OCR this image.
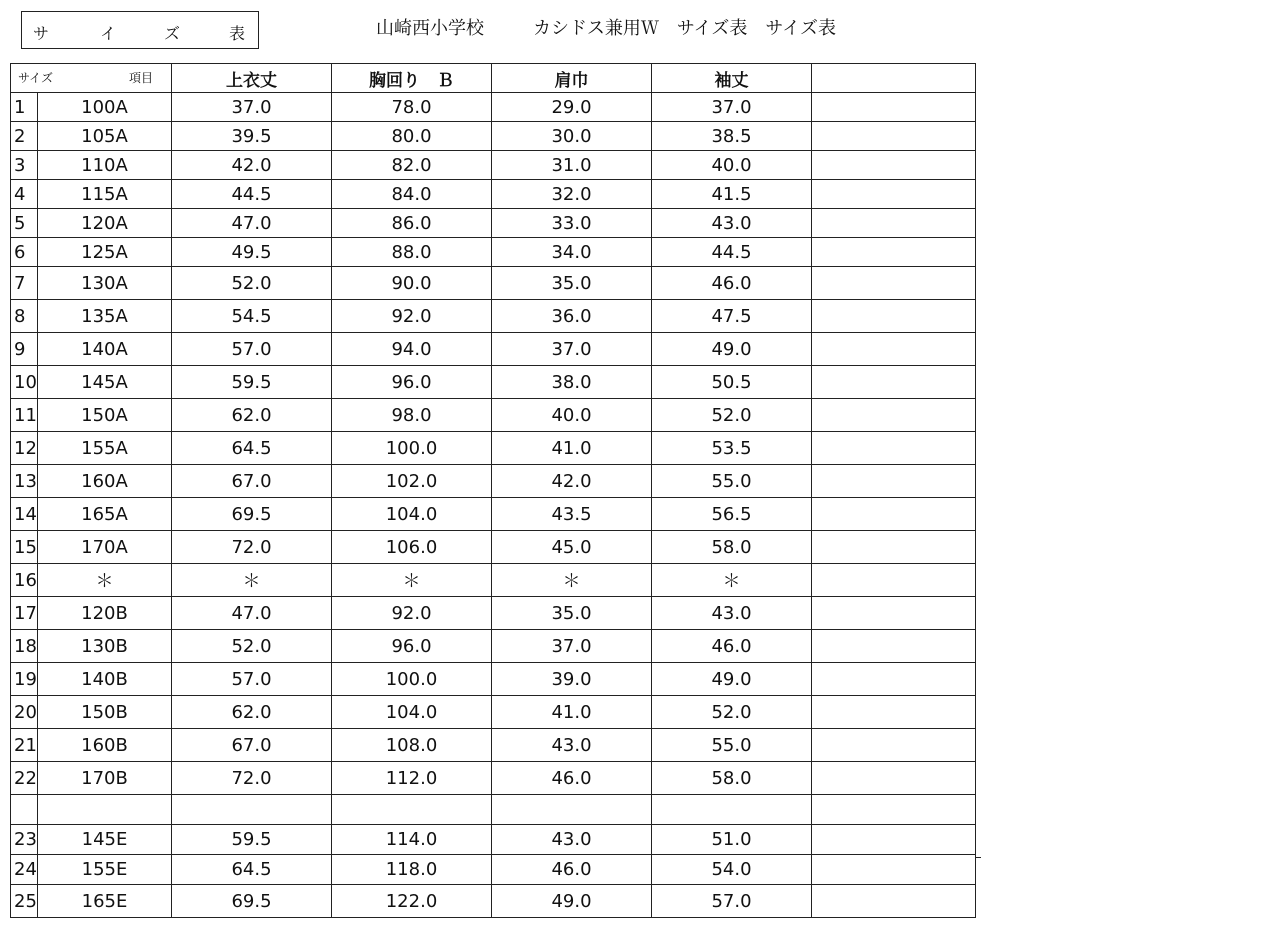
サ	イ	ズ	表	山崎西小学校	カシドス兼用Ｗ　サイズ表　サイズ表
サイズ 項目		上衣丈	胸回り　Ｂ	肩巾	袖丈	
1	100A	37.0	78.0	29.0	37.0	
2	105A	39.5	80.0	30.0	38.5	
3	110A	42.0	82.0	31.0	40.0	
4	115A	44.5	84.0	32.0	41.5	
5	120A	47.0	86.0	33.0	43.0	
6	125A	49.5	88.0	34.0	44.5	
7	130A	52.0	90.0	35.0	46.0	
8	135A	54.5	92.0	36.0	47.5	
9	140A	57.0	94.0	37.0	49.0	
10	145A	59.5	96.0	38.0	50.5	
11	150A	62.0	98.0	40.0	52.0	
12	155A	64.5	100.0	41.0	53.5	
13	160A	67.0	102.0	42.0	55.0	
14	165A	69.5	104.0	43.5	56.5	
15	170A	72.0	106.0	45.0	58.0	
16	＊	＊	＊	＊	＊	
17	120B	47.0	92.0	35.0	43.0	
18	130B	52.0	96.0	37.0	46.0	
19	140B	57.0	100.0	39.0	49.0	
20	150B	62.0	104.0	41.0	52.0	
21	160B	67.0	108.0	43.0	55.0	
22	170B	72.0	112.0	46.0	58.0	

23	145E	59.5	114.0	43.0	51.0	
24	155E	64.5	118.0	46.0	54.0	
25	165E	69.5	122.0	49.0	57.0	
